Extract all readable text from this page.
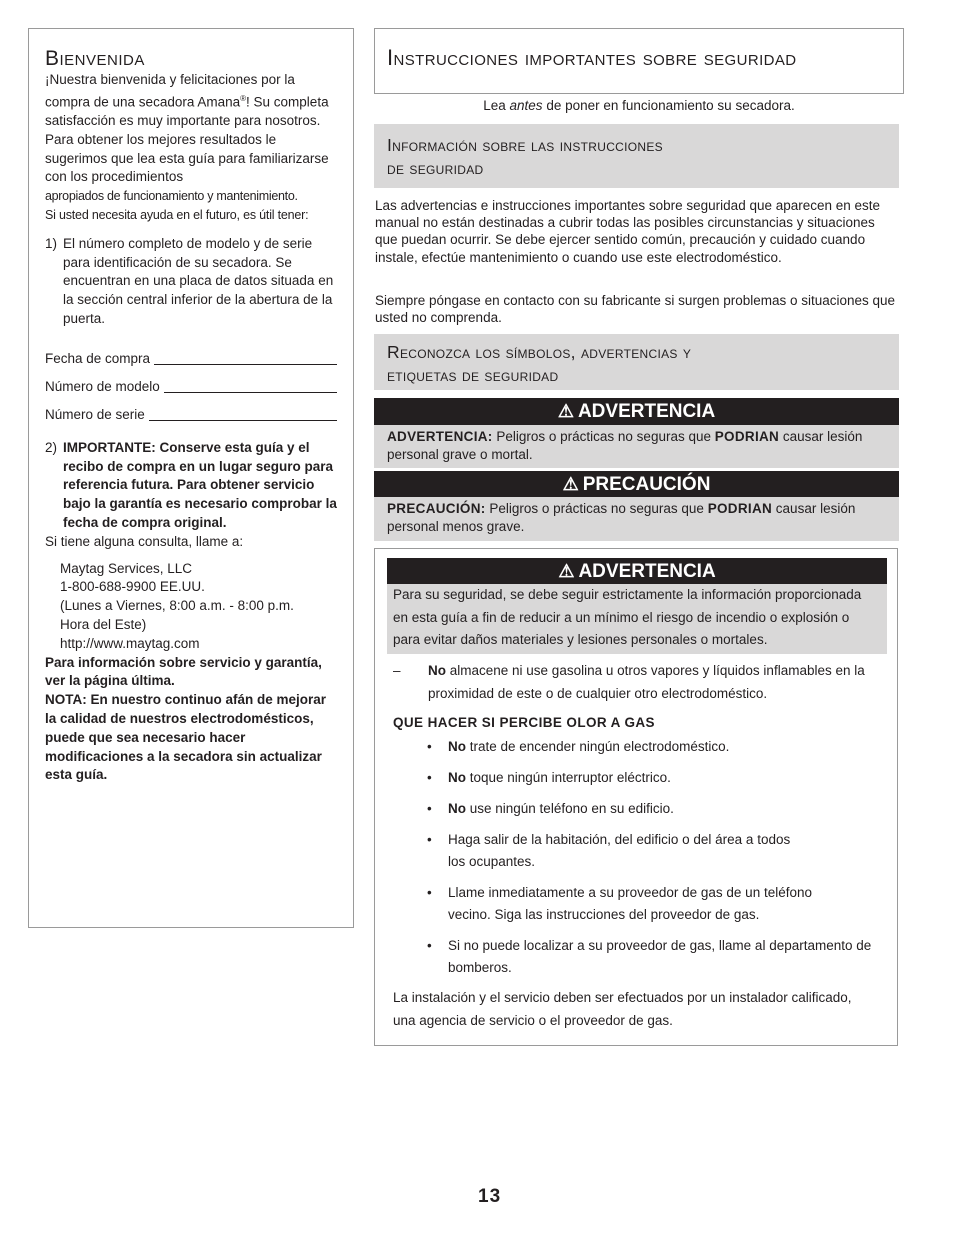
Bienvenida

¡Nuestra bienvenida y felicitaciones por la compra de una secadora Amana®! Su completa satisfacción es muy importante para nosotros. Para obtener los mejores resultados le sugerimos que lea esta guía para familiarizarse con los procedimientos
apropiados de funcionamiento y mantenimiento.

Si usted necesita ayuda en el futuro, es útil tener:

1) El número completo de modelo y de serie para identificación de su secadora. Se encuentran en una placa de datos situada en la sección central inferior de la abertura de la puerta.
Fecha de compra
Número de modelo
Número de serie
2) IMPORTANTE: Conserve esta guía y el recibo de compra en un lugar seguro para referencia futura. Para obtener servicio bajo la garantía es necesario comprobar la fecha de compra original.

Si tiene alguna consulta, llame a:

Maytag Services, LLC
1-800-688-9900 EE.UU.
(Lunes a Viernes, 8:00 a.m. - 8:00 p.m.
Hora del Este)
http://www.maytag.com

Para información sobre servicio y garantía, ver la página última.

NOTA: En nuestro continuo afán de mejorar la calidad de nuestros electrodomésticos, puede que sea necesario hacer modificaciones a la secadora sin actualizar esta guía.

Instrucciones importantes sobre seguridad
Lea antes de poner en funcionamiento su secadora.
Información sobre las instrucciones
de seguridad

Las advertencias e instrucciones importantes sobre seguridad que aparecen en este manual no están destinadas a cubrir todas las posibles circunstancias y situaciones que puedan ocurrir. Se debe ejercer sentido común, precaución y cuidado cuando instale, efectúe mantenimiento o cuando use este electrodoméstico.

Siempre póngase en contacto con su fabricante si surgen problemas o situaciones que usted no comprenda.

Reconozca los símbolos, advertencias y
etiquetas de seguridad
⚠ ADVERTENCIA
ADVERTENCIA: Peligros o prácticas no seguras que PODRIAN causar lesión personal grave o mortal.
⚠ PRECAUCIÓN
PRECAUCIÓN: Peligros o prácticas no seguras que PODRIAN causar lesión personal menos grave.
⚠ ADVERTENCIA
Para su seguridad, se debe seguir estrictamente la información proporcionada en esta guía a fin de reducir a un mínimo el riesgo de incendio o explosión o para evitar daños materiales y lesiones personales o mortales.
–	No almacene ni use gasolina u otros vapores y líquidos inflamables en la proximidad de este o de cualquier otro electrodoméstico.
QUE HACER SI PERCIBE OLOR A GAS
•	No trate de encender ningún electrodoméstico.
•	No toque ningún interruptor eléctrico.
•	No use ningún teléfono en su edificio.
•	Haga salir de la habitación, del edificio o del área a todos los ocupantes.
•	Llame inmediatamente a su proveedor de gas de un teléfono vecino. Siga las instrucciones del proveedor de gas.
•	Si no puede localizar a su proveedor de gas, llame al departamento de bomberos.

La instalación y el servicio deben ser efectuados por un instalador calificado, una agencia de servicio o el proveedor de gas.

13
